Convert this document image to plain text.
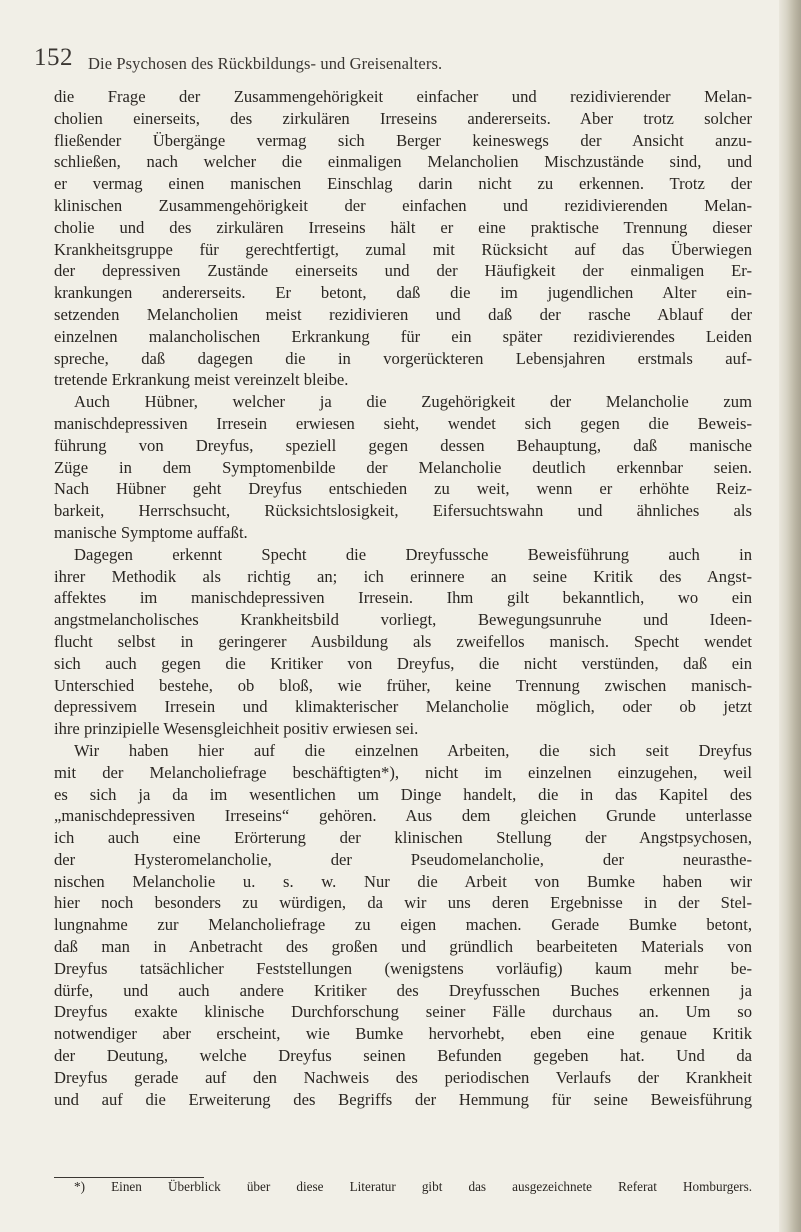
152 Die Psychosen des Rückbildungs- und Greisenalters.
die Frage der Zusammengehörigkeit einfacher und rezidivierender Melan-
cholien einerseits, des zirkulären Irreseins andererseits. Aber trotz solcher
fließender Übergänge vermag sich Berger keineswegs der Ansicht anzu-
schließen, nach welcher die einmaligen Melancholien Mischzustände sind, und
er vermag einen manischen Einschlag darin nicht zu erkennen. Trotz der
klinischen Zusammengehörigkeit der einfachen und rezidivierenden Melan-
cholie und des zirkulären Irreseins hält er eine praktische Trennung dieser
Krankheitsgruppe für gerechtfertigt, zumal mit Rücksicht auf das Überwiegen
der depressiven Zustände einerseits und der Häufigkeit der einmaligen Er-
krankungen andererseits. Er betont, daß die im jugendlichen Alter ein-
setzenden Melancholien meist rezidivieren und daß der rasche Ablauf der
einzelnen malancholischen Erkrankung für ein später rezidivierendes Leiden
spreche, daß dagegen die in vorgerückteren Lebensjahren erstmals auf-
tretende Erkrankung meist vereinzelt bleibe.
Auch Hübner, welcher ja die Zugehörigkeit der Melancholie zum
manischdepressiven Irresein erwiesen sieht, wendet sich gegen die Beweis-
führung von Dreyfus, speziell gegen dessen Behauptung, daß manische
Züge in dem Symptomenbilde der Melancholie deutlich erkennbar seien.
Nach Hübner geht Dreyfus entschieden zu weit, wenn er erhöhte Reiz-
barkeit, Herrschsucht, Rücksichtslosigkeit, Eifersuchtswahn und ähnliches als
manische Symptome auffaßt.
Dagegen erkennt Specht die Dreyfussche Beweisführung auch in
ihrer Methodik als richtig an; ich erinnere an seine Kritik des Angst-
affektes im manischdepressiven Irresein. Ihm gilt bekanntlich, wo ein
angstmelancholisches Krankheitsbild vorliegt, Bewegungsunruhe und Ideen-
flucht selbst in geringerer Ausbildung als zweifellos manisch. Specht wendet
sich auch gegen die Kritiker von Dreyfus, die nicht verstünden, daß ein
Unterschied bestehe, ob bloß, wie früher, keine Trennung zwischen manisch-
depressivem Irresein und klimakterischer Melancholie möglich, oder ob jetzt
ihre prinzipielle Wesensgleichheit positiv erwiesen sei.
Wir haben hier auf die einzelnen Arbeiten, die sich seit Dreyfus
mit der Melancholiefrage beschäftigten*), nicht im einzelnen einzugehen, weil
es sich ja da im wesentlichen um Dinge handelt, die in das Kapitel des
„manischdepressiven Irreseins“ gehören. Aus dem gleichen Grunde unterlasse
ich auch eine Erörterung der klinischen Stellung der Angstpsychosen,
der Hysteromelancholie, der Pseudomelancholie, der neurasthe-
nischen Melancholie u. s. w. Nur die Arbeit von Bumke haben wir
hier noch besonders zu würdigen, da wir uns deren Ergebnisse in der Stel-
lungnahme zur Melancholiefrage zu eigen machen. Gerade Bumke betont,
daß man in Anbetracht des großen und gründlich bearbeiteten Materials von
Dreyfus tatsächlicher Feststellungen (wenigstens vorläufig) kaum mehr be-
dürfe, und auch andere Kritiker des Dreyfusschen Buches erkennen ja
Dreyfus exakte klinische Durchforschung seiner Fälle durchaus an. Um so
notwendiger aber erscheint, wie Bumke hervorhebt, eben eine genaue Kritik
der Deutung, welche Dreyfus seinen Befunden gegeben hat. Und da
Dreyfus gerade auf den Nachweis des periodischen Verlaufs der Krankheit
und auf die Erweiterung des Begriffs der Hemmung für seine Beweisführung
*) Einen Überblick über diese Literatur gibt das ausgezeichnete Referat Homburgers.
